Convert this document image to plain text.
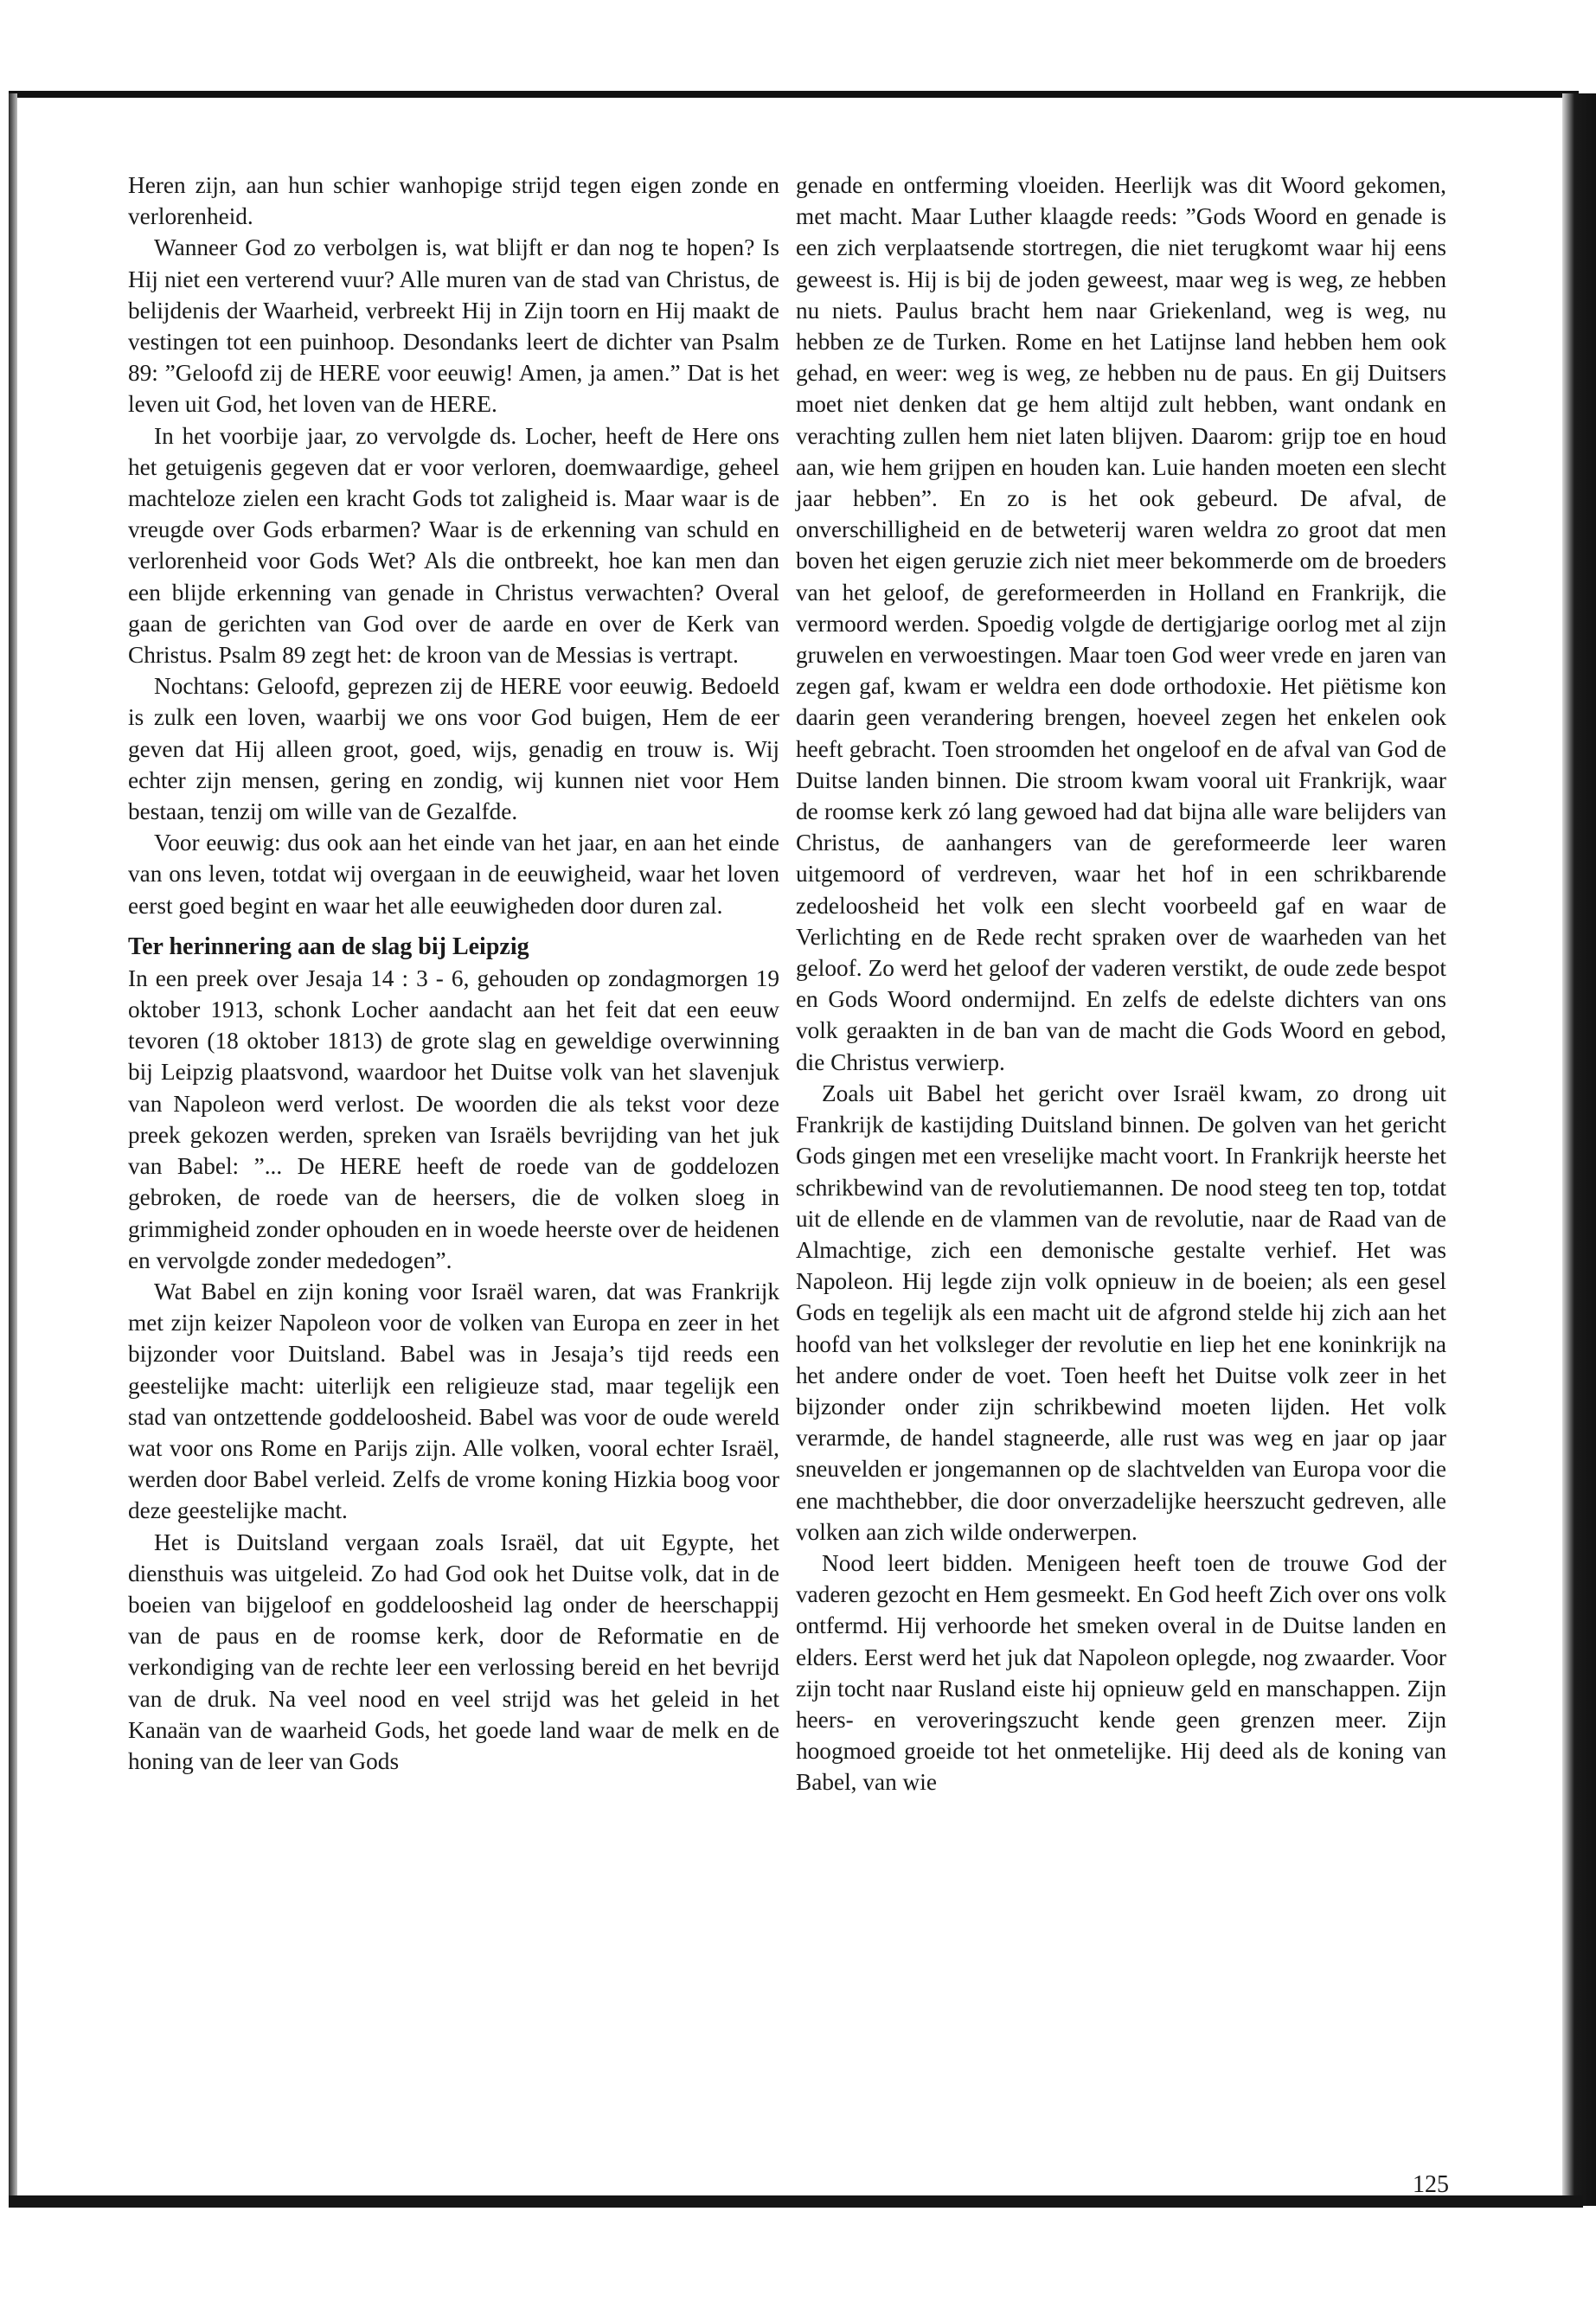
Heren zijn, aan hun schier wanhopige strijd tegen eigen zonde en verlorenheid.

Wanneer God zo verbolgen is, wat blijft er dan nog te hopen? Is Hij niet een verterend vuur? Alle muren van de stad van Christus, de belijdenis der Waarheid, verbreekt Hij in Zijn toorn en Hij maakt de vestingen tot een puinhoop. Desondanks leert de dichter van Psalm 89: ”Geloofd zij de HERE voor eeuwig! Amen, ja amen.” Dat is het leven uit God, het loven van de HERE.

In het voorbije jaar, zo vervolgde ds. Locher, heeft de Here ons het getuigenis gegeven dat er voor verloren, doemwaardige, geheel machteloze zielen een kracht Gods tot zaligheid is. Maar waar is de vreugde over Gods erbarmen? Waar is de erkenning van schuld en verlorenheid voor Gods Wet? Als die ontbreekt, hoe kan men dan een blijde erkenning van genade in Christus verwachten? Overal gaan de gerichten van God over de aarde en over de Kerk van Christus. Psalm 89 zegt het: de kroon van de Messias is vertrapt.

Nochtans: Geloofd, geprezen zij de HERE voor eeuwig. Bedoeld is zulk een loven, waarbij we ons voor God buigen, Hem de eer geven dat Hij alleen groot, goed, wijs, genadig en trouw is. Wij echter zijn mensen, gering en zondig, wij kunnen niet voor Hem bestaan, tenzij om wille van de Gezalfde.

Voor eeuwig: dus ook aan het einde van het jaar, en aan het einde van ons leven, totdat wij overgaan in de eeuwigheid, waar het loven eerst goed begint en waar het alle eeuwigheden door duren zal.

Ter herinnering aan de slag bij Leipzig

In een preek over Jesaja 14 : 3 - 6, gehouden op zondagmorgen 19 oktober 1913, schonk Locher aandacht aan het feit dat een eeuw tevoren (18 oktober 1813) de grote slag en geweldige overwinning bij Leipzig plaatsvond, waardoor het Duitse volk van het slavenjuk van Napoleon werd verlost. De woorden die als tekst voor deze preek gekozen werden, spreken van Israëls bevrijding van het juk van Babel: ”... De HERE heeft de roede van de goddelozen gebroken, de roede van de heersers, die de volken sloeg in grimmigheid zonder ophouden en in woede heerste over de heidenen en vervolgde zonder mededogen”.

Wat Babel en zijn koning voor Israël waren, dat was Frankrijk met zijn keizer Napoleon voor de volken van Europa en zeer in het bijzonder voor Duitsland. Babel was in Jesaja’s tijd reeds een geestelijke macht: uiterlijk een religieuze stad, maar tegelijk een stad van ontzettende goddeloosheid. Babel was voor de oude wereld wat voor ons Rome en Parijs zijn. Alle volken, vooral echter Israël, werden door Babel verleid. Zelfs de vrome koning Hizkia boog voor deze geestelijke macht.

Het is Duitsland vergaan zoals Israël, dat uit Egypte, het diensthuis was uitgeleid. Zo had God ook het Duitse volk, dat in de boeien van bijgeloof en goddeloosheid lag onder de heerschappij van de paus en de roomse kerk, door de Reformatie en de verkondiging van de rechte leer een verlossing bereid en het bevrijd van de druk. Na veel nood en veel strijd was het geleid in het Kanaän van de waarheid Gods, het goede land waar de melk en de honing van de leer van Gods

genade en ontferming vloeiden. Heerlijk was dit Woord gekomen, met macht. Maar Luther klaagde reeds: ”Gods Woord en genade is een zich verplaatsende stortregen, die niet terugkomt waar hij eens geweest is. Hij is bij de joden geweest, maar weg is weg, ze hebben nu niets. Paulus bracht hem naar Griekenland, weg is weg, nu hebben ze de Turken. Rome en het Latijnse land hebben hem ook gehad, en weer: weg is weg, ze hebben nu de paus. En gij Duitsers moet niet denken dat ge hem altijd zult hebben, want ondank en verachting zullen hem niet laten blijven. Daarom: grijp toe en houd aan, wie hem grijpen en houden kan. Luie handen moeten een slecht jaar hebben”. En zo is het ook gebeurd. De afval, de onverschilligheid en de betweterij waren weldra zo groot dat men boven het eigen geruzie zich niet meer bekommerde om de broeders van het geloof, de gereformeerden in Holland en Frankrijk, die vermoord werden. Spoedig volgde de dertigjarige oorlog met al zijn gruwelen en verwoestingen. Maar toen God weer vrede en jaren van zegen gaf, kwam er weldra een dode orthodoxie. Het piëtisme kon daarin geen verandering brengen, hoeveel zegen het enkelen ook heeft gebracht. Toen stroomden het ongeloof en de afval van God de Duitse landen binnen. Die stroom kwam vooral uit Frankrijk, waar de roomse kerk zó lang gewoed had dat bijna alle ware belijders van Christus, de aanhangers van de gereformeerde leer waren uitgemoord of verdreven, waar het hof in een schrikbarende zedeloosheid het volk een slecht voorbeeld gaf en waar de Verlichting en de Rede recht spraken over de waarheden van het geloof. Zo werd het geloof der vaderen verstikt, de oude zede bespot en Gods Woord ondermijnd. En zelfs de edelste dichters van ons volk geraakten in de ban van de macht die Gods Woord en gebod, die Christus verwierp.

Zoals uit Babel het gericht over Israël kwam, zo drong uit Frankrijk de kastijding Duitsland binnen. De golven van het gericht Gods gingen met een vreselijke macht voort. In Frankrijk heerste het schrikbewind van de revolutiemannen. De nood steeg ten top, totdat uit de ellende en de vlammen van de revolutie, naar de Raad van de Almachtige, zich een demonische gestalte verhief. Het was Napoleon. Hij legde zijn volk opnieuw in de boeien; als een gesel Gods en tegelijk als een macht uit de afgrond stelde hij zich aan het hoofd van het volksleger der revolutie en liep het ene koninkrijk na het andere onder de voet. Toen heeft het Duitse volk zeer in het bijzonder onder zijn schrikbewind moeten lijden. Het volk verarmde, de handel stagneerde, alle rust was weg en jaar op jaar sneuvelden er jongemannen op de slachtvelden van Europa voor die ene machthebber, die door onverzadelijke heerszucht gedreven, alle volken aan zich wilde onderwerpen.

Nood leert bidden. Menigeen heeft toen de trouwe God der vaderen gezocht en Hem gesmeekt. En God heeft Zich over ons volk ontfermd. Hij verhoorde het smeken overal in de Duitse landen en elders. Eerst werd het juk dat Napoleon oplegde, nog zwaarder. Voor zijn tocht naar Rusland eiste hij opnieuw geld en manschappen. Zijn heers- en veroveringszucht kende geen grenzen meer. Zijn hoogmoed groeide tot het onmetelijke. Hij deed als de koning van Babel, van wie

125
